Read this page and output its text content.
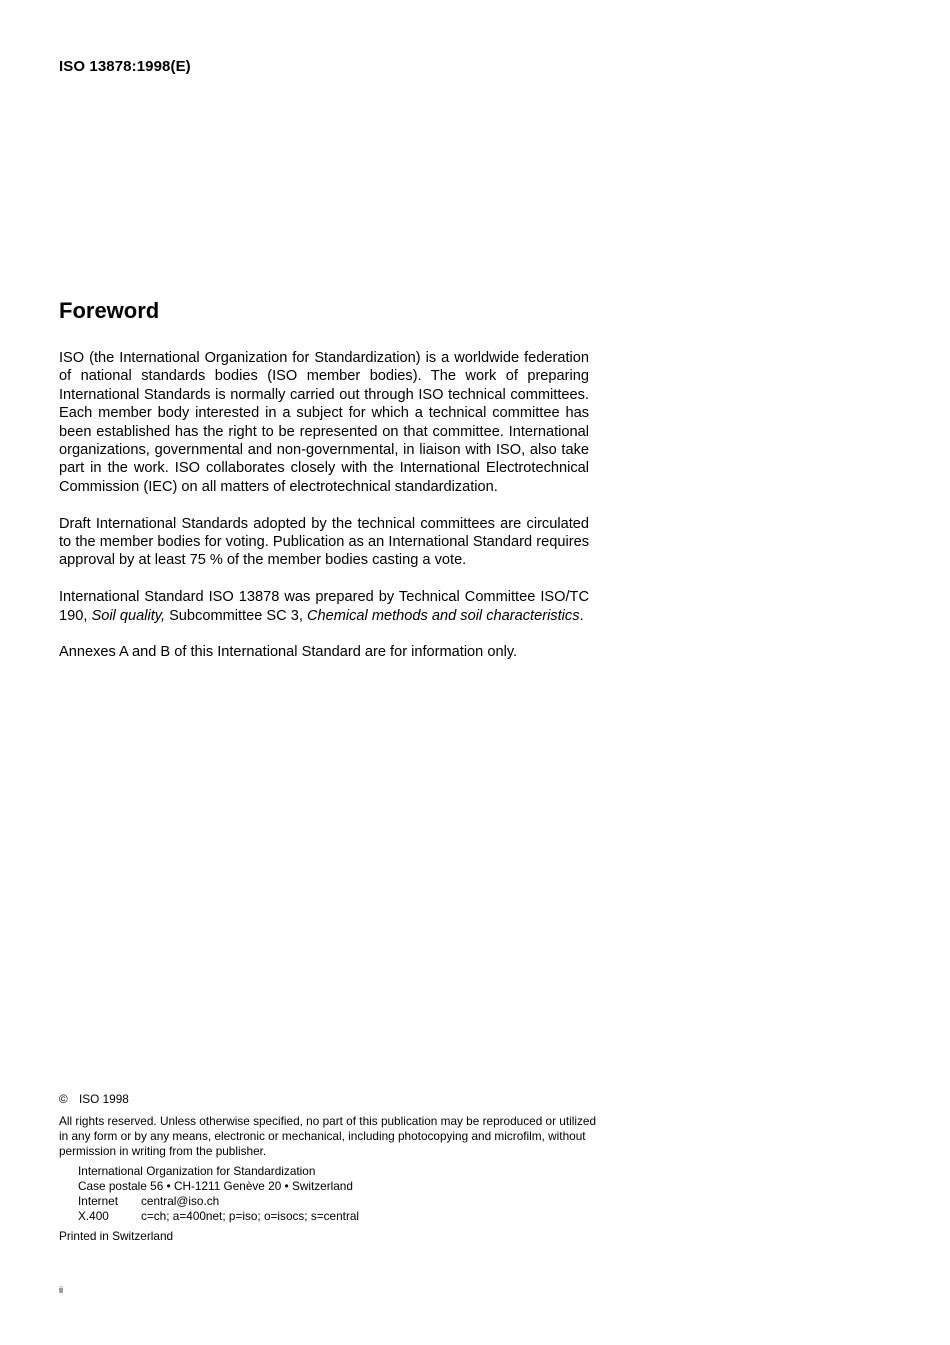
ISO 13878:1998(E)
Foreword

ISO (the International Organization for Standardization) is a worldwide federation of national standards bodies (ISO member bodies). The work of preparing International Standards is normally carried out through ISO technical committees. Each member body interested in a subject for which a technical committee has been established has the right to be represented on that committee. International organizations, governmental and non-governmental, in liaison with ISO, also take part in the work. ISO collaborates closely with the International Electrotechnical Commission (IEC) on all matters of electrotechnical standardization.

Draft International Standards adopted by the technical committees are circulated to the member bodies for voting. Publication as an International Standard requires approval by at least 75 % of the member bodies casting a vote.

International Standard ISO 13878 was prepared by Technical Committee ISO/TC 190, Soil quality, Subcommittee SC 3, Chemical methods and soil characteristics.

Annexes A and B of this International Standard are for information only.

© ISO 1998

All rights reserved. Unless otherwise specified, no part of this publication may be reproduced or utilized in any form or by any means, electronic or mechanical, including photocopying and microfilm, without permission in writing from the publisher.

International Organization for Standardization
Case postale 56 • CH-1211 Genève 20 • Switzerland
Internet	central@iso.ch
X.400	c=ch; a=400net; p=iso; o=isocs; s=central

Printed in Switzerland

ii
